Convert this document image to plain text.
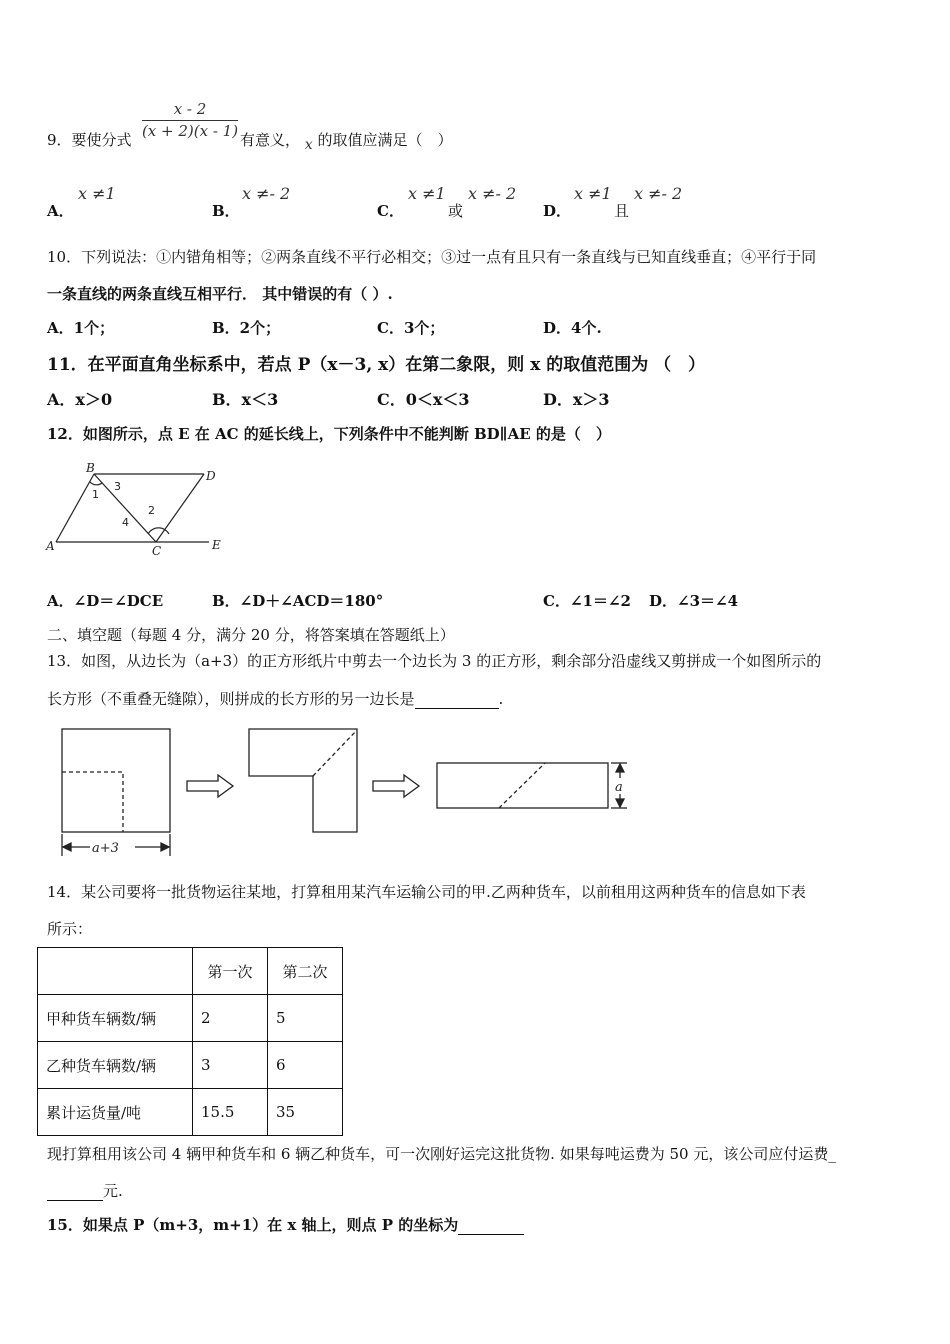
x - 2
(x + 2)(x - 1)
9．要使分式	有意义， x 的取值应满足（　）
A．
x ≠1
B．
x ≠- 2
C．
x ≠1
或
x ≠- 2
D．
x ≠1
且
x ≠- 2
10．下列说法：①内错角相等；②两条直线不平行必相交；③过一点有且只有一条直线与已知直线垂直；④平行于同
一条直线的两条直线互相平行． 其中错误的有（ ）.
A．1个；	B．2个；	C．3个；	D．4个.
11．在平面直角坐标系中，若点 P（x－3, x）在第二象限，则 x 的取值范围为 （　）
A．x＞0	B．x＜3	C．0＜x＜3	D．x＞3
12．如图所示，点 E 在 AC 的延长线上，下列条件中不能判断 BD∥AE 的是（　）
A
B
C
D
E
1
2
3
4
A．∠D＝∠DCE	B．∠D＋∠ACD＝180°	C．∠1＝∠2 D．∠3＝∠4
二、填空题（每题 4 分，满分 20 分，将答案填在答题纸上）
13．如图，从边长为（a+3）的正方形纸片中剪去一个边长为 3 的正方形，剩余部分沿虚线又剪拼成一个如图所示的
长方形（不重叠无缝隙），则拼成的长方形的另一边长是	.
a+3
a
14．某公司要将一批货物运往某地，打算租用某汽车运输公司的甲.乙两种货车，以前租用这两种货车的信息如下表
所示：
	第一次	第二次
甲种货车辆数/辆	2	5
乙种货车辆数/辆	3	6
累计运货量/吨	15.5	35
现打算租用该公司 4 辆甲种货车和 6 辆乙种货车，可一次刚好运完这批货物. 如果每吨运费为 50 元，该公司应付运费_
元.
15．如果点 P（m+3，m+1）在 x 轴上，则点 P 的坐标为
